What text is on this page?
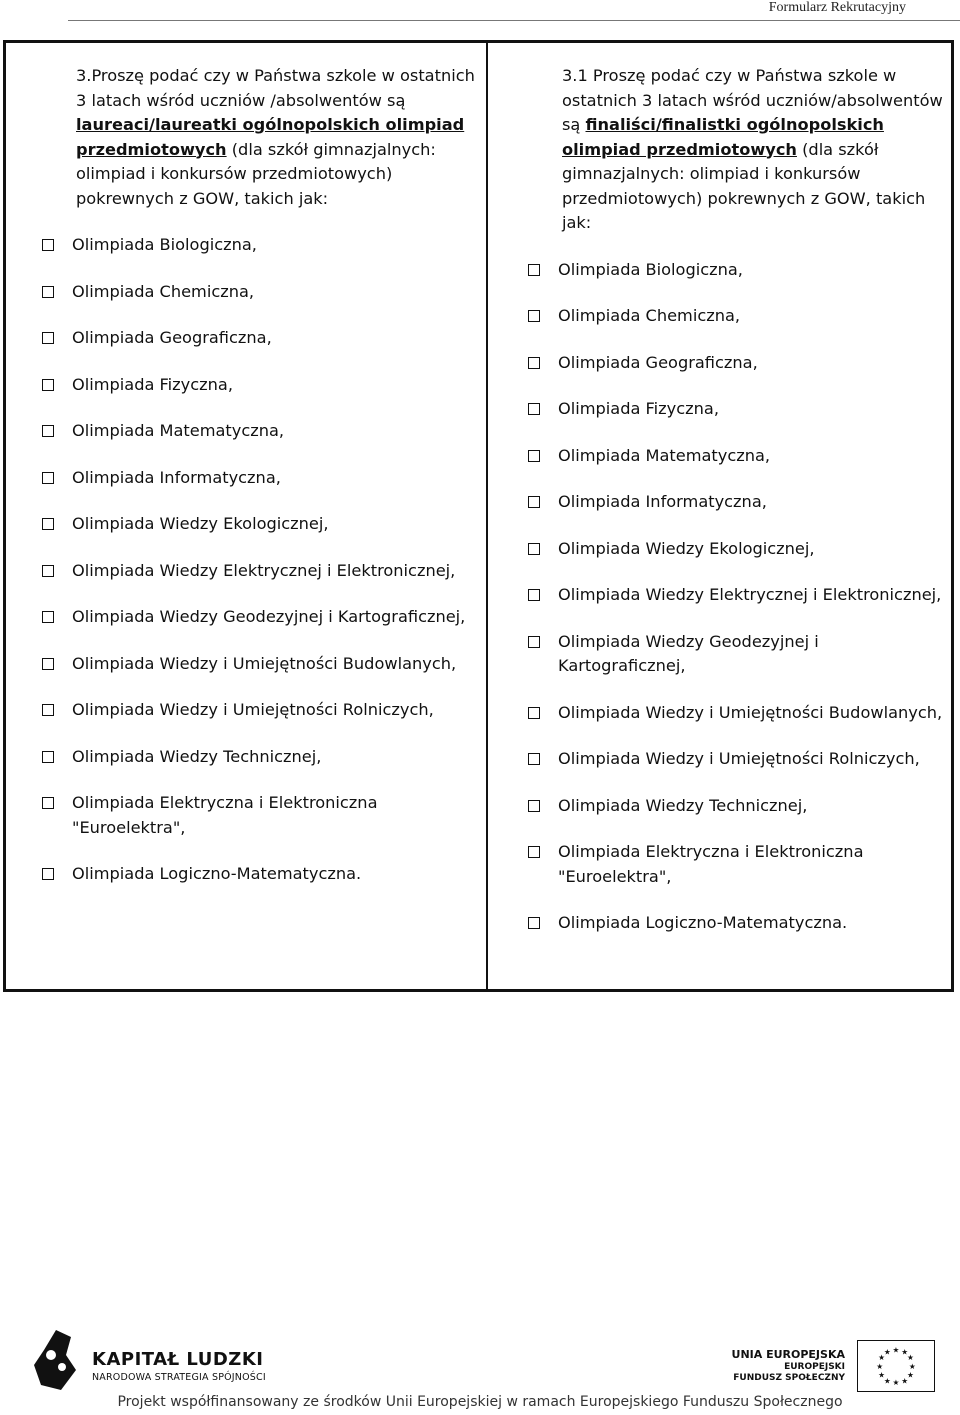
Formularz Rekrutacyjny
3.Proszę podać czy w Państwa szkole w ostatnich 3 latach wśród uczniów /absolwentów są laureaci/laureatki ogólnopolskich olimpiad przedmiotowych (dla szkół gimnazjalnych: olimpiad i konkursów przedmiotowych) pokrewnych z GOW, takich jak:
Olimpiada Biologiczna,
Olimpiada Chemiczna,
Olimpiada Geograficzna,
Olimpiada Fizyczna,
Olimpiada Matematyczna,
Olimpiada Informatyczna,
Olimpiada Wiedzy Ekologicznej,
Olimpiada Wiedzy Elektrycznej i Elektronicznej,
Olimpiada Wiedzy Geodezyjnej i Kartograficznej,
Olimpiada Wiedzy i Umiejętności Budowlanych,
Olimpiada Wiedzy i Umiejętności Rolniczych,
Olimpiada Wiedzy Technicznej,
Olimpiada Elektryczna i Elektroniczna "Euroelektra",
Olimpiada Logiczno-Matematyczna.
3.1 Proszę podać czy w Państwa szkole w ostatnich 3 latach wśród uczniów/absolwentów są finaliści/finalistki ogólnopolskich olimpiad przedmiotowych (dla szkół gimnazjalnych: olimpiad i konkursów przedmiotowych) pokrewnych z GOW, takich jak:
Olimpiada Biologiczna,
Olimpiada Chemiczna,
Olimpiada Geograficzna,
Olimpiada Fizyczna,
Olimpiada Matematyczna,
Olimpiada Informatyczna,
Olimpiada Wiedzy Ekologicznej,
Olimpiada Wiedzy Elektrycznej i Elektronicznej,
Olimpiada Wiedzy Geodezyjnej i Kartograficznej,
Olimpiada Wiedzy i Umiejętności Budowlanych,
Olimpiada Wiedzy i Umiejętności Rolniczych,
Olimpiada Wiedzy Technicznej,
Olimpiada Elektryczna i Elektroniczna "Euroelektra",
Olimpiada Logiczno-Matematyczna.
KAPITAŁ LUDZKI
NARODOWA STRATEGIA SPÓJNOŚCI
UNIA EUROPEJSKA
EUROPEJSKI
FUNDUSZ SPOŁECZNY
★ ★
★
★
★
★
★
★
★
★
★
★
Projekt współfinansowany ze środków Unii Europejskiej w ramach Europejskiego Funduszu Społecznego
